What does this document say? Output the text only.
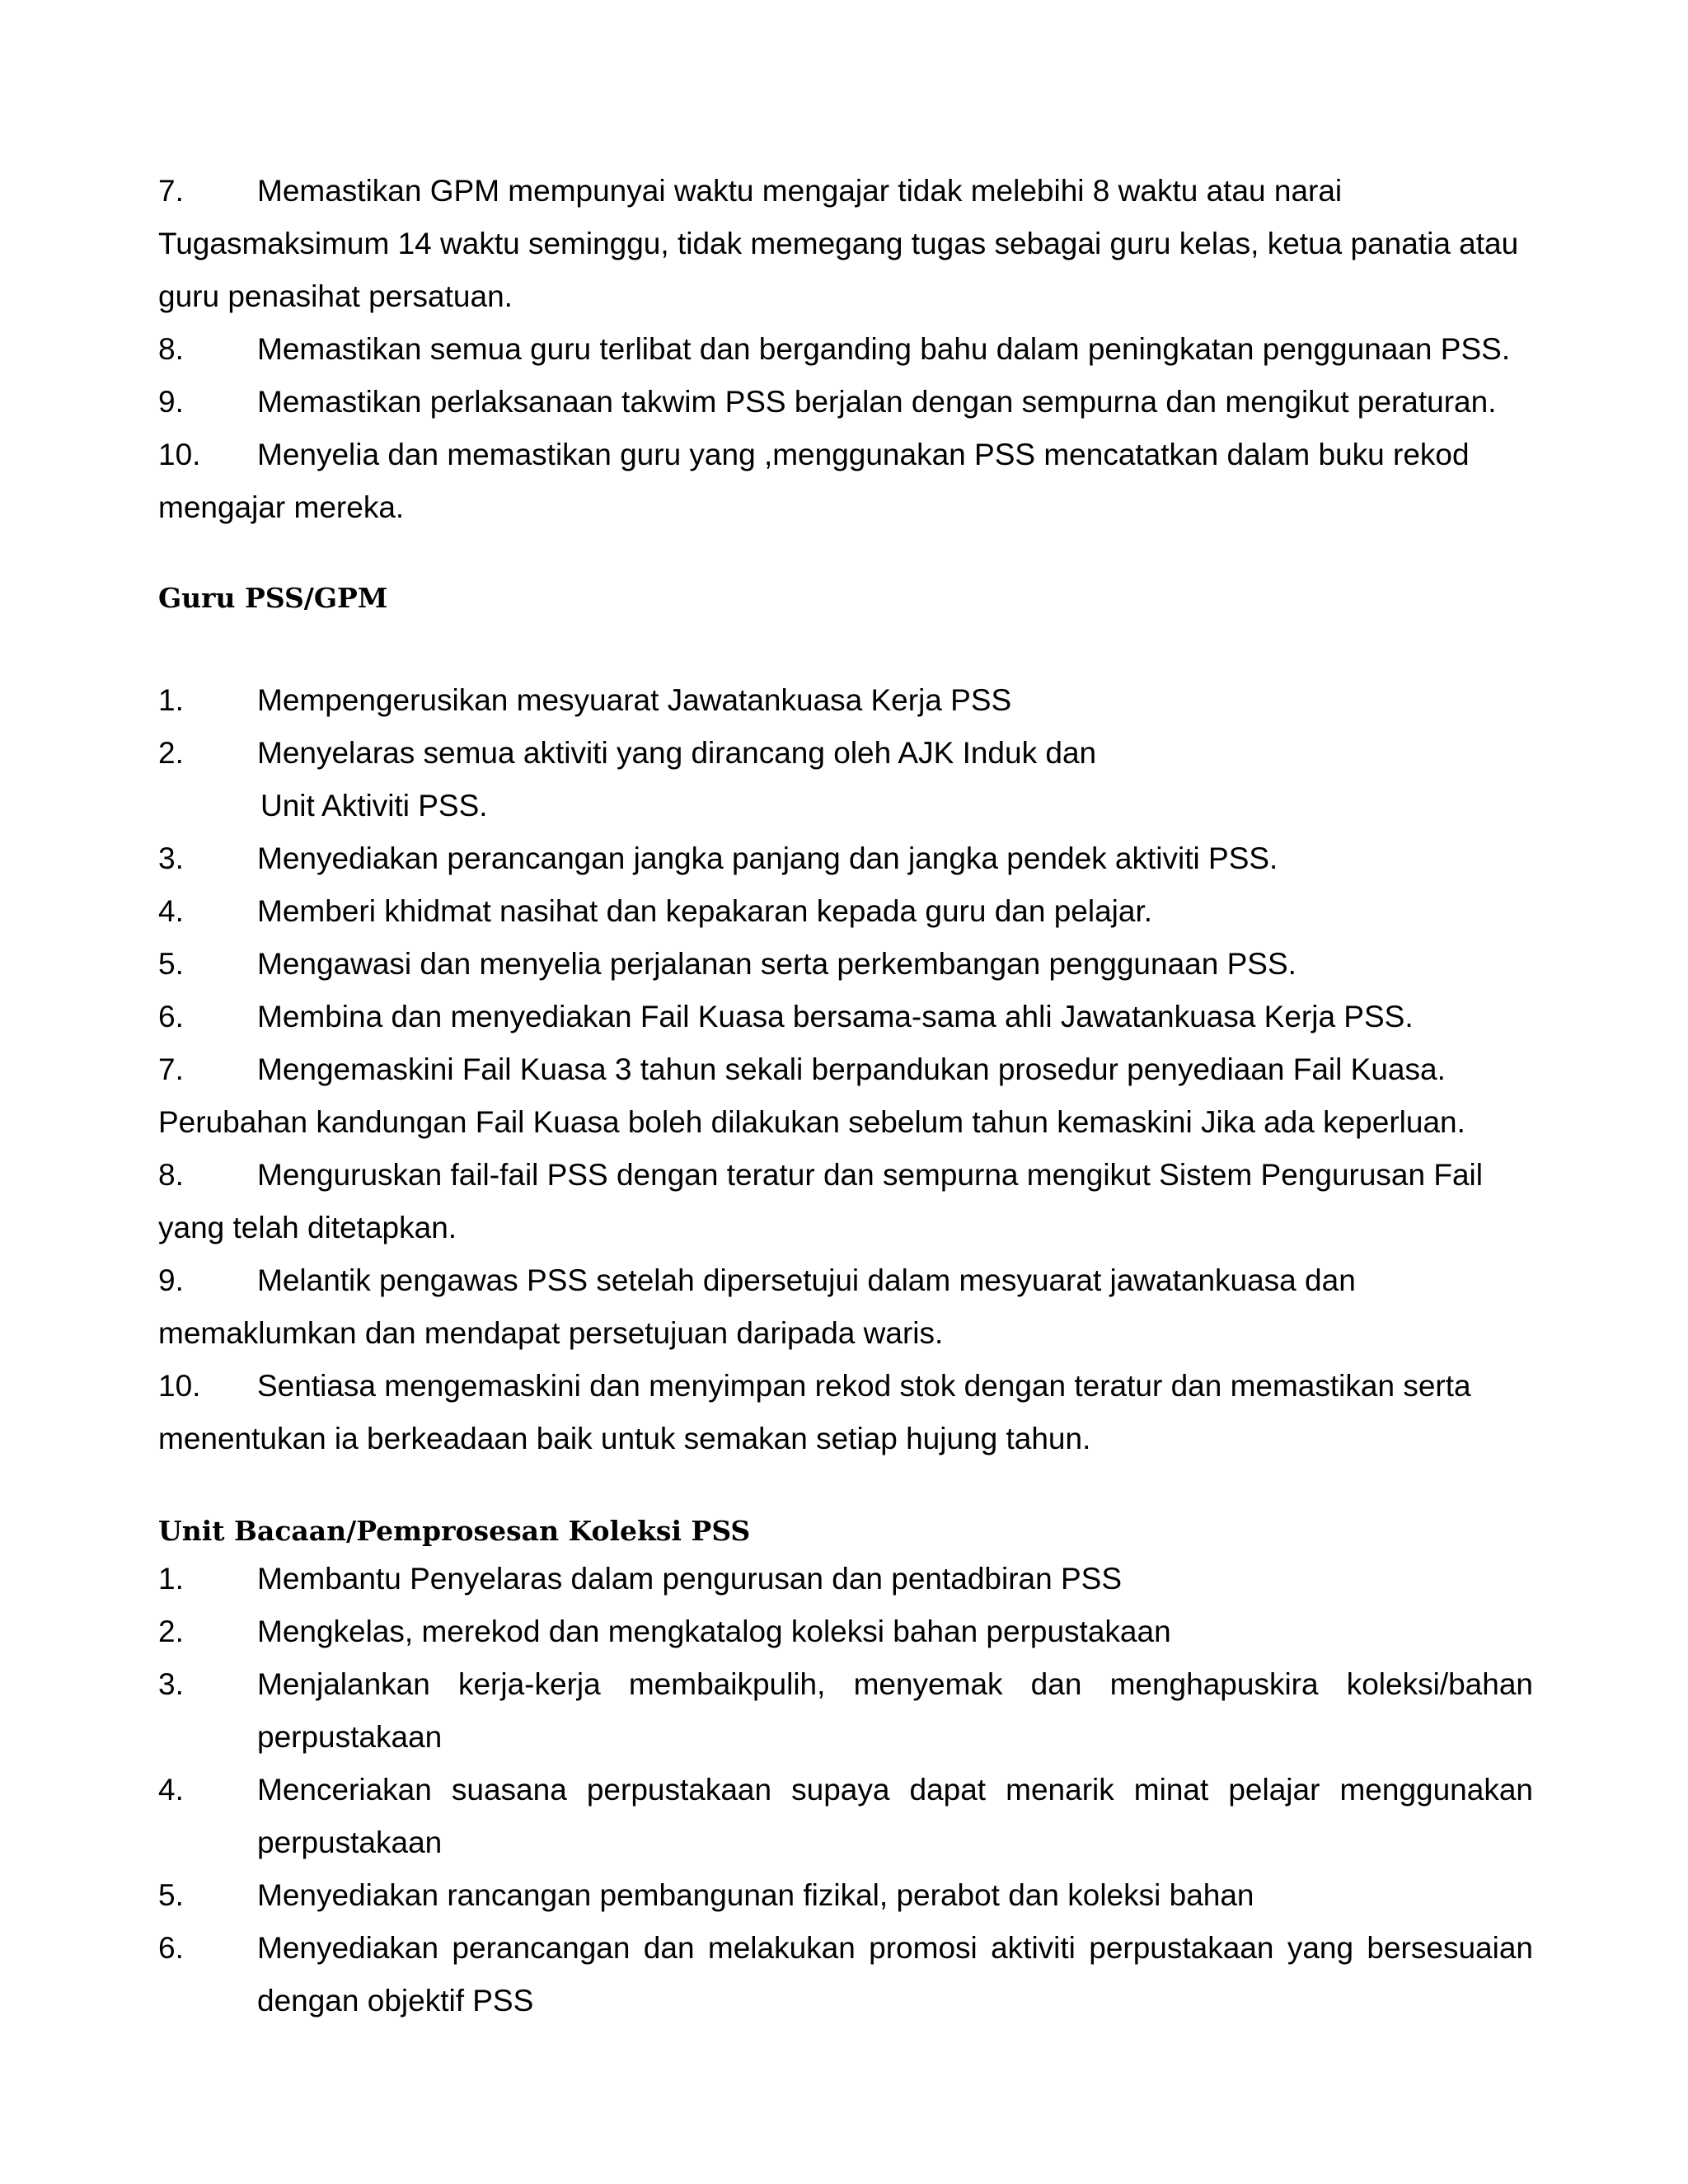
7. Memastikan GPM mempunyai waktu mengajar tidak melebihi 8 waktu atau narai
Tugasmaksimum 14 waktu seminggu, tidak memegang tugas sebagai guru kelas, ketua panatia atau
guru penasihat persatuan.
8. Memastikan semua guru terlibat dan berganding bahu dalam peningkatan penggunaan PSS.
9. Memastikan perlaksanaan takwim PSS berjalan dengan sempurna dan mengikut peraturan.
10. Menyelia dan memastikan guru yang ,menggunakan PSS mencatatkan dalam buku rekod
mengajar mereka.
Guru PSS/GPM
1. Mempengerusikan mesyuarat Jawatankuasa Kerja PSS
2. Menyelaras semua aktiviti yang dirancang oleh AJK Induk dan
Unit Aktiviti PSS.
3. Menyediakan perancangan jangka panjang dan jangka pendek aktiviti PSS.
4. Memberi khidmat nasihat dan kepakaran kepada guru dan pelajar.
5. Mengawasi dan menyelia perjalanan serta perkembangan penggunaan PSS.
6. Membina dan menyediakan Fail Kuasa bersama-sama ahli Jawatankuasa Kerja PSS.
7. Mengemaskini Fail Kuasa 3 tahun sekali berpandukan prosedur penyediaan Fail Kuasa.
Perubahan kandungan Fail Kuasa boleh dilakukan sebelum tahun kemaskini Jika ada keperluan.
8. Menguruskan fail-fail PSS dengan teratur dan sempurna mengikut Sistem Pengurusan Fail
yang telah ditetapkan.
9. Melantik pengawas PSS setelah dipersetujui dalam mesyuarat jawatankuasa dan
memaklumkan dan mendapat persetujuan daripada waris.
10. Sentiasa mengemaskini dan menyimpan rekod stok dengan teratur dan memastikan serta
menentukan ia berkeadaan baik untuk semakan setiap hujung tahun.
Unit Bacaan/Pemprosesan Koleksi PSS
1. Membantu Penyelaras dalam pengurusan dan pentadbiran PSS
2. Mengkelas, merekod dan mengkatalog koleksi bahan perpustakaan
3. Menjalankan kerja-kerja membaikpulih, menyemak dan menghapuskira koleksi/bahan
perpustakaan
4. Menceriakan suasana perpustakaan supaya dapat menarik minat pelajar menggunakan
perpustakaan
5. Menyediakan rancangan pembangunan fizikal, perabot dan koleksi bahan
6. Menyediakan perancangan dan melakukan promosi aktiviti perpustakaan yang bersesuaian
dengan objektif PSS
